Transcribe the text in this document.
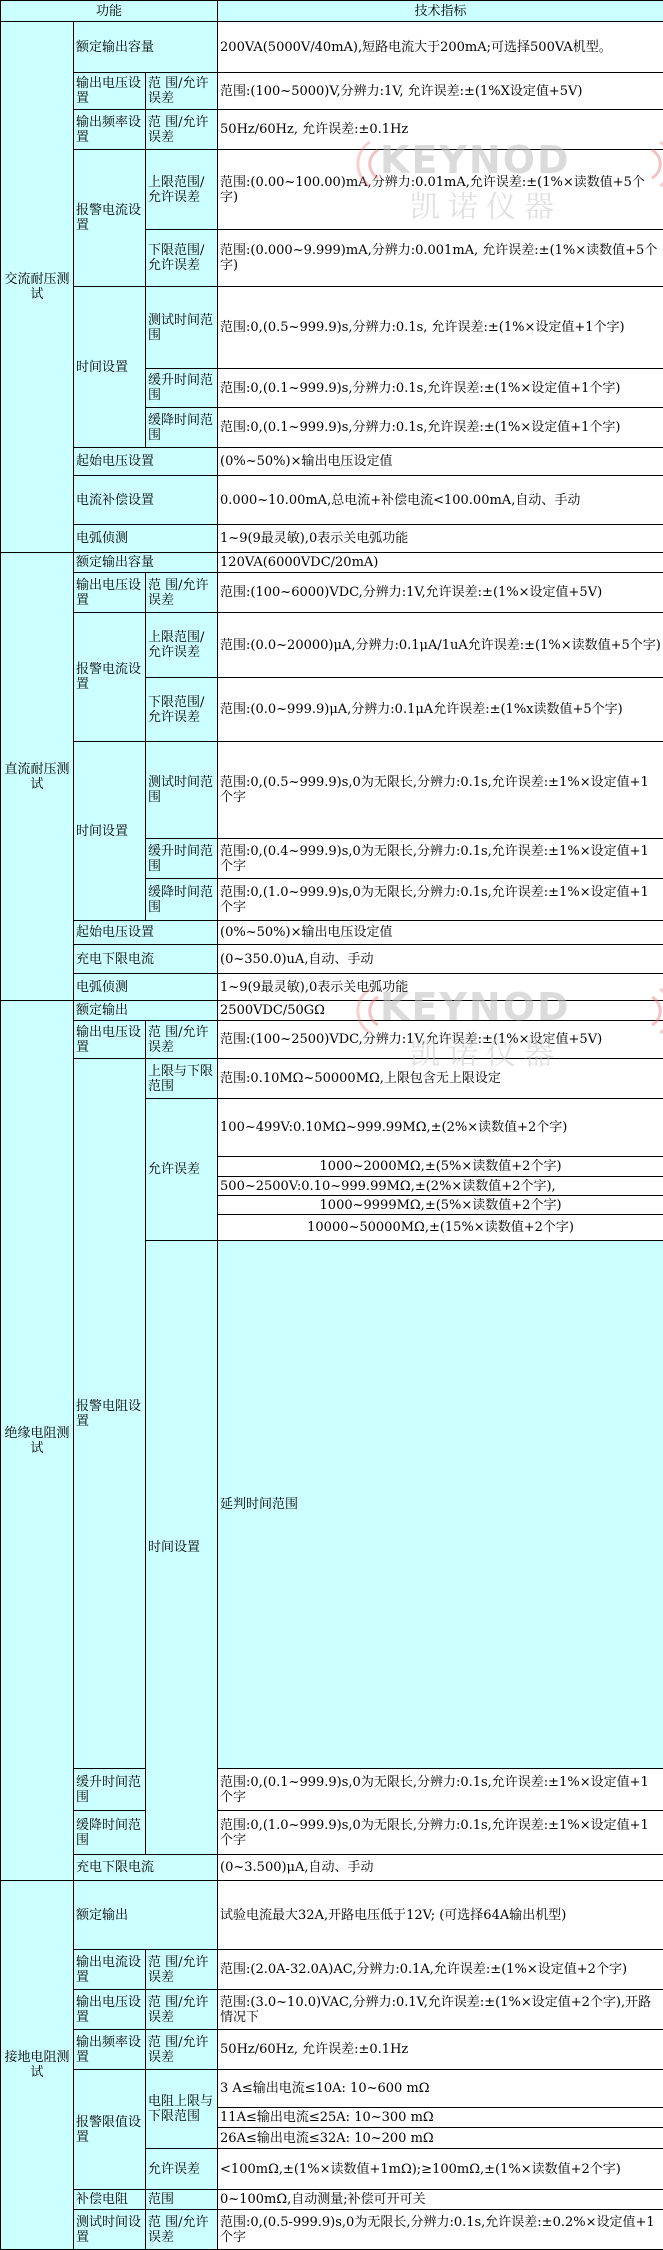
功能			技术指标	
交流耐压测试	额定输出容量		200VA(5000V/40mA),短路电流大于200mA;可选择500VA机型。	
	输出电压设置	范 围/允许误差	范围:(100~5000)V,分辨力:1V, 允许误差:±(1%X设定值+5V)	
	输出频率设置	范 围/允许误差	50Hz/60Hz, 允许误差:±0.1Hz	
	报警电流设置	上限范围/允许误差	范围:(0.00~100.00)mA,分辨力:0.01mA,允许误差:±(1%×读数值+5个字)	
		下限范围/允许误差	范围:(0.000~9.999)mA,分辨力:0.001mA, 允许误差:±(1%×读数值+5个字)	
	时间设置	测试时间范围	范围:0,(0.5~999.9)s,分辨力:0.1s, 允许误差:±(1%×设定值+1个字)	
		缓升时间范围	范围:0,(0.1~999.9)s,分辨力:0.1s,允许误差:±(1%×设定值+1个字)	
		缓降时间范围	范围:0,(0.1~999.9)s,分辨力:0.1s,允许误差:±(1%×设定值+1个字)	
	起始电压设置		(0%~50%)×输出电压设定值	
	电流补偿设置		0.000~10.00mA,总电流+补偿电流<100.00mA,自动、手动	
	电弧侦测		1~9(9最灵敏),0表示关电弧功能	
直流耐压测试	额定输出容量		120VA(6000VDC/20mA)	
	输出电压设置	范 围/允许误差	范围:(100~6000)VDC,分辨力:1V,允许误差:±(1%×设定值+5V)	
	报警电流设置	上限范围/允许误差	范围:(0.0~20000)μA,分辨力:0.1μA/1uA允许误差:±(1%×读数值+5个字)	
		下限范围/允许误差	范围:(0.0~999.9)μA,分辨力:0.1μA允许误差:±(1%x读数值+5个字)	
	时间设置	测试时间范围	范围:0,(0.5~999.9)s,0为无限长,分辨力:0.1s,允许误差:±1%×设定值+1个字	
		缓升时间范围	范围:0,(0.4~999.9)s,0为无限长,分辨力:0.1s,允许误差:±1%×设定值+1个字	
		缓降时间范围	范围:0,(1.0~999.9)s,0为无限长,分辨力:0.1s,允许误差:±1%×设定值+1个字	
	起始电压设置		(0%~50%)×输出电压设定值	
	充电下限电流		(0~350.0)uA,自动、手动	
	电弧侦测		1~9(9最灵敏),0表示关电弧功能	
绝缘电阻测试	额定输出		2500VDC/50GΩ	
	输出电压设置	范 围/允许误差	范围:(100~2500)VDC,分辨力:1V,允许误差:±(1%×设定值+5V)	
	报警电阻设置	上限与下限范围	范围:0.10MΩ~50000MΩ,上限包含无上限设定	
		允许误差	100~499V:0.10MΩ~999.99MΩ,±(2%×读数值+2个字)	
			1000~2000MΩ,±(5%×读数值+2个字)	
			500~2500V:0.10~999.99MΩ,±(2%×读数值+2个字),	
			1000~9999MΩ,±(5%×读数值+2个字)	
			10000~50000MΩ,±(15%×读数值+2个字)	
		时间设置	延判时间范围	
	缓升时间范围		范围:0,(0.1~999.9)s,0为无限长,分辨力:0.1s,允许误差:±1%×设定值+1个字	
	缓降时间范围		范围:0,(1.0~999.9)s,0为无限长,分辨力:0.1s,允许误差:±1%×设定值+1个字	
	充电下限电流		(0~3.500)μA,自动、手动	
接地电阻测试	额定输出		试验电流最大32A,开路电压低于12V; (可选择64A输出机型)	
	输出电流设置	范 围/允许误差	范围:(2.0A-32.0A)AC,分辨力:0.1A,允许误差:±(1%×设定值+2个字)	
	输出电压设置	范 围/允许误差	范围:(3.0~10.0)VAC,分辨力:0.1V,允许误差:±(1%×设定值+2个字),开路情况下	
	输出频率设置	范 围/允许误差	50Hz/60Hz, 允许误差:±0.1Hz	
	报警限值设置	电阻上限与下限范围	3 A≤输出电流≤10A: 10~600 mΩ	
			11A≤输出电流≤25A: 10~300 mΩ	
			26A≤输出电流≤32A: 10~200 mΩ	
		允许误差	<100mΩ,±(1%×读数值+1mΩ);≥100mΩ,±(1%×读数值+2个字)	
	补偿电阻	范围	0~100mΩ,自动测量;补偿可开可关	
	测试时间设置	范 围/允许误差	范围:0,(0.5-999.9)s,0为无限长,分辨力:0.1s,允许误差:±0.2%×设定值+1个字	
KEYNOD
凯诺仪器
KEYNOD
凯诺仪器
